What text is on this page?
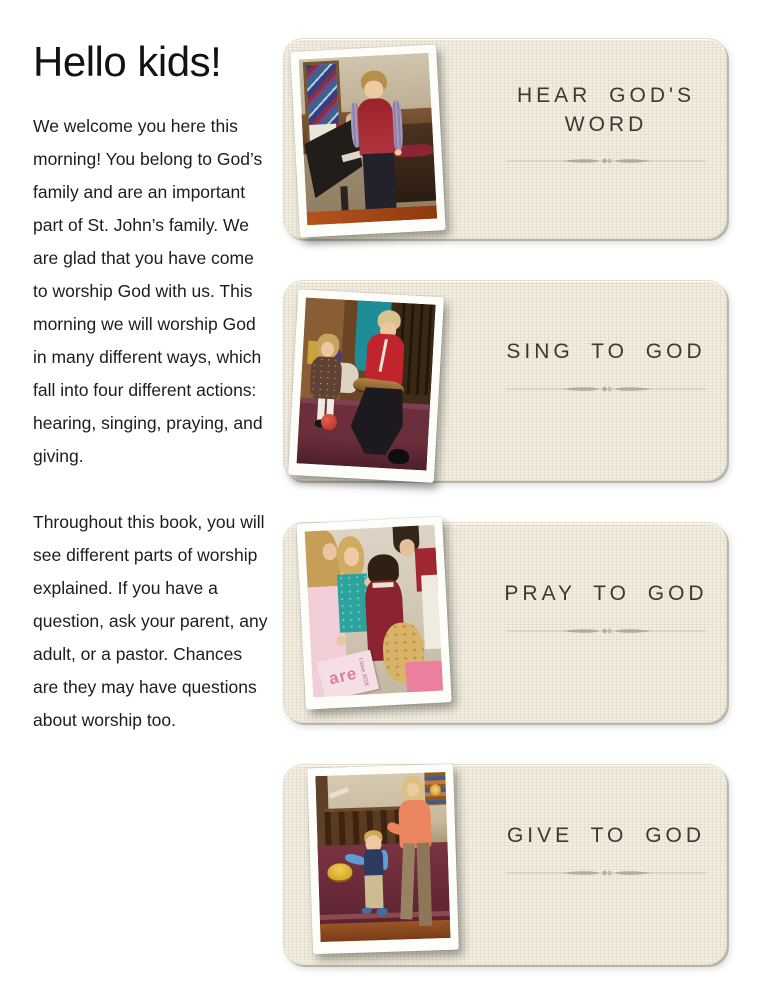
Hello kids!

We welcome you here this morning! You belong to God’s family and are an important part of St. John’s family. We are glad that you have come to worship God with us. This morning we will worship God in many different ways, which fall into four different actions: hearing, singing, praying, and giving.

Throughout this book, you will see different parts of worship explained. If you have a question, ask your parent, any adult, or a pastor. Chances are they may have questions about worship too.

HEAR GOD'S WORD
SING TO GOD
are
I love XOX
PRAY TO GOD
GIVE TO GOD
